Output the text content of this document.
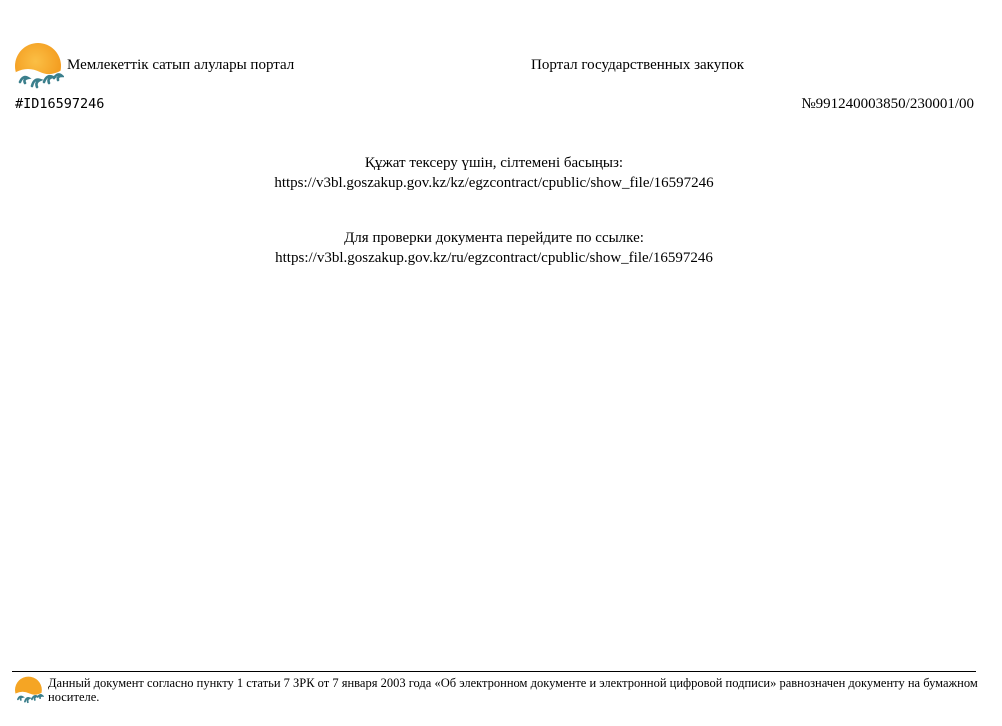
Мемлекеттік сатып алулары портал	Портал государственных закупок
#ID16597246	№991240003850/230001/00
Құжат тексеру үшін, сілтемені басыңыз:
https://v3bl.goszakup.gov.kz/kz/egzcontract/cpublic/show_file/16597246
Для проверки документа перейдите по ссылке:
https://v3bl.goszakup.gov.kz/ru/egzcontract/cpublic/show_file/16597246
Данный документ согласно пункту 1 статьи 7 ЗРК от 7 января 2003 года «Об электронном документе и электронной цифровой подписи» равнозначен документу на бумажном носителе.
